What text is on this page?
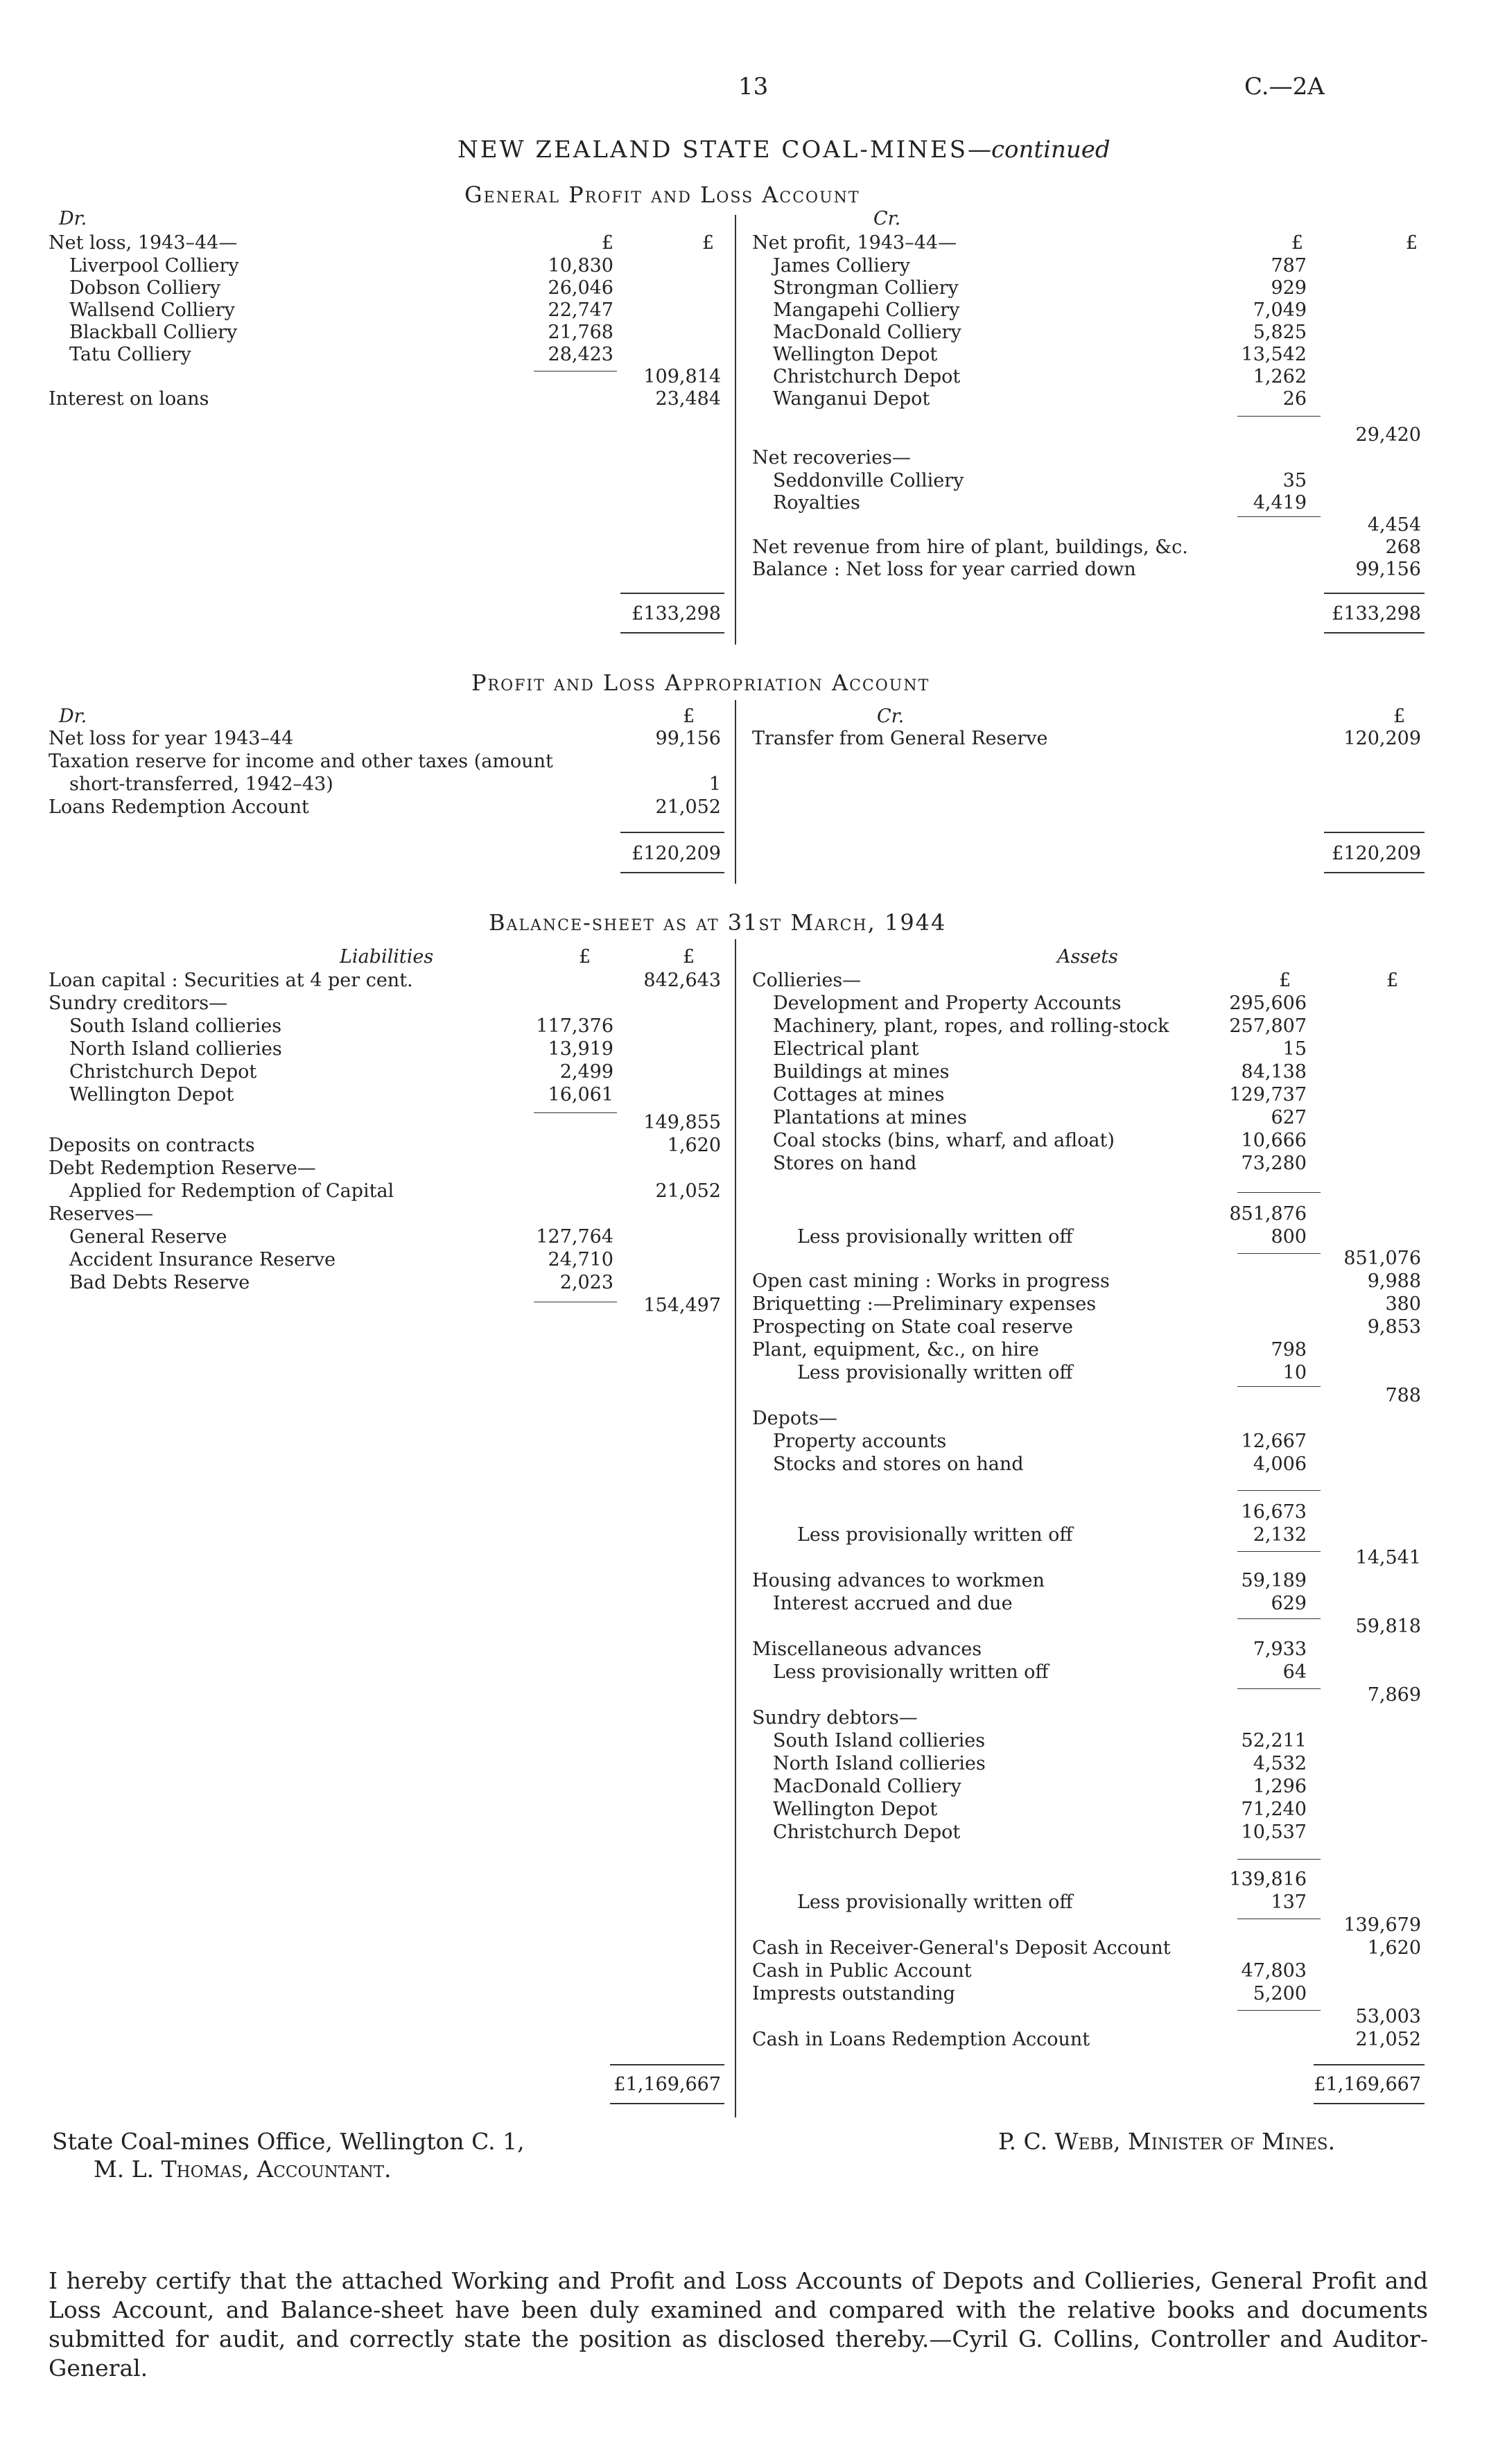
13	C.—2A
NEW ZEALAND STATE COAL-MINES—continued
General Profit and Loss Account
Dr.
Net loss, 1943–44—	£	£
Liverpool Colliery	10,830
Dobson Colliery	26,046
Wallsend Colliery	22,747
Blackball Colliery	21,768
Tatu Colliery	28,423
109,814
Interest on loans	23,484
£133,298
Cr.
Net profit, 1943–44—	£	£
James Colliery	787
Strongman Colliery	929
Mangapehi Colliery	7,049
MacDonald Colliery	5,825
Wellington Depot	13,542
Christchurch Depot	1,262
Wanganui Depot	26
29,420
Net recoveries—
Seddonville Colliery	35
Royalties	4,419
4,454
Net revenue from hire of plant, buildings, &c.	268
Balance : Net loss for year carried down	99,156
£133,298
Profit and Loss Appropriation Account
Dr.	£
Net loss for year 1943–44	99,156
Taxation reserve for income and other taxes (amount
short-transferred, 1942–43)	1
Loans Redemption Account	21,052
£120,209
Cr.	£
Transfer from General Reserve	120,209
£120,209
Balance-sheet as at 31st March, 1944
Liabilities	£	£
Loan capital : Securities at 4 per cent.	842,643
Sundry creditors—
South Island collieries	117,376
North Island collieries	13,919
Christchurch Depot	2,499
Wellington Depot	16,061
149,855
Deposits on contracts	1,620
Debt Redemption Reserve—
Applied for Redemption of Capital	21,052
Reserves—
General Reserve	127,764
Accident Insurance Reserve	24,710
Bad Debts Reserve	2,023
154,497
£1,169,667
Assets
£	£
Collieries—
Development and Property Accounts	295,606
Machinery, plant, ropes, and rolling-stock	257,807
Electrical plant	15
Buildings at mines	84,138
Cottages at mines	129,737
Plantations at mines	627
Coal stocks (bins, wharf, and afloat)	10,666
Stores on hand	73,280
851,876
Less provisionally written off	800
851,076
Open cast mining : Works in progress	9,988
Briquetting :—Preliminary expenses	380
Prospecting on State coal reserve	9,853
Plant, equipment, &c., on hire	798
Less provisionally written off	10
788
Depots—
Property accounts	12,667
Stocks and stores on hand	4,006
16,673
Less provisionally written off	2,132
14,541
Housing advances to workmen	59,189
Interest accrued and due	629
59,818
Miscellaneous advances	7,933
Less provisionally written off	64
7,869
Sundry debtors—
South Island collieries	52,211
North Island collieries	4,532
MacDonald Colliery	1,296
Wellington Depot	71,240
Christchurch Depot	10,537
139,816
Less provisionally written off	137
139,679
Cash in Receiver-General's Deposit Account	1,620
Cash in Public Account	47,803
Imprests outstanding	5,200
53,003
Cash in Loans Redemption Account	21,052
£1,169,667
State Coal-mines Office, Wellington C. 1,
M. L. Thomas, Accountant.
P. C. Webb, Minister of Mines.
I hereby certify that the attached Working and Profit and Loss Accounts of Depots and Collieries, General Profit and Loss Account, and Balance-sheet have been duly examined and compared with the relative books and documents submitted for audit, and correctly state the position as disclosed thereby.—Cyril G. Collins, Controller and Auditor-General.
